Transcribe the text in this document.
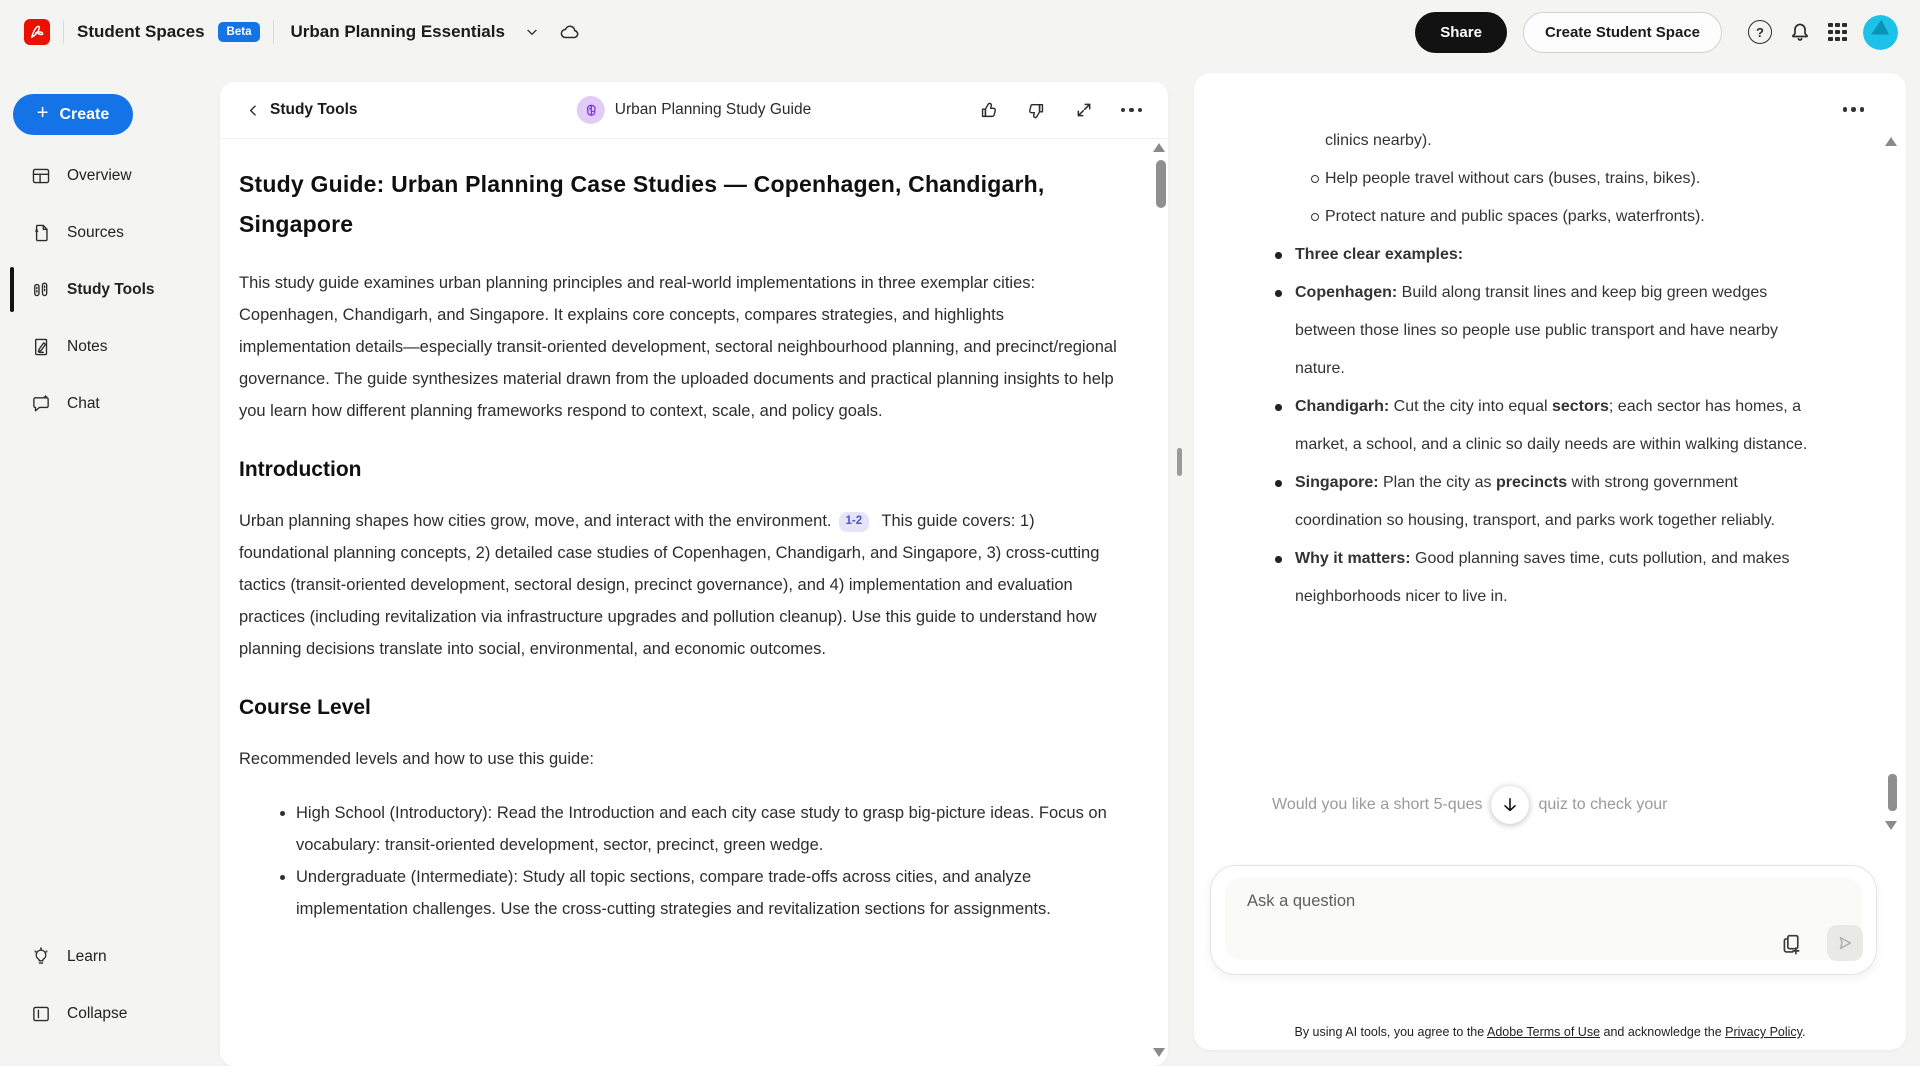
Student Spaces	Beta	Urban Planning Essentials	Share	Create Student Space	?
+ Create
Overview
“ Sources
Study Tools
Notes
Chat
Learn
Collapse
Study Tools	Urban Planning Study Guide
Study Guide: Urban Planning Case Studies — Copenhagen, Chandigarh, Singapore

This study guide examines urban planning principles and real-world implementations in three exemplar cities: Copenhagen, Chandigarh, and Singapore. It explains core concepts, compares strategies, and highlights implementation details—especially transit-oriented development, sectoral neighbourhood planning, and precinct/regional governance. The guide synthesizes material drawn from the uploaded documents and practical planning insights to help you learn how different planning frameworks respond to context, scale, and policy goals.

Introduction

Urban planning shapes how cities grow, move, and interact with the environment. 1-2 This guide covers: 1) foundational planning concepts, 2) detailed case studies of Copenhagen, Chandigarh, and Singapore, 3) cross-cutting tactics (transit-oriented development, sectoral design, precinct governance), and 4) implementation and evaluation practices (including revitalization via infrastructure upgrades and pollution cleanup). Use this guide to understand how planning decisions translate into social, environmental, and economic outcomes.

Course Level

Recommended levels and how to use this guide:

• High School (Introductory): Read the Introduction and each city case study to grasp big-picture ideas. Focus on vocabulary: transit-oriented development, sector, precinct, green wedge.
• Undergraduate (Intermediate): Study all topic sections, compare trade-offs across cities, and analyze implementation challenges. Use the cross-cutting strategies and revitalization sections for assignments.
clinics nearby).
Help people travel without cars (buses, trains, bikes).
Protect nature and public spaces (parks, waterfronts).
Three clear examples:
Copenhagen: Build along transit lines and keep big green wedges between those lines so people use public transport and have nearby nature.
Chandigarh: Cut the city into equal sectors; each sector has homes, a market, a school, and a clinic so daily needs are within walking distance.
Singapore: Plan the city as precincts with strong government coordination so housing, transport, and parks work together reliably.
Why it matters: Good planning saves time, cuts pollution, and makes neighborhoods nicer to live in.
Would you like a short 5-ques	quiz to check your
Ask a question
By using AI tools, you agree to the Adobe Terms of Use and acknowledge the Privacy Policy.
